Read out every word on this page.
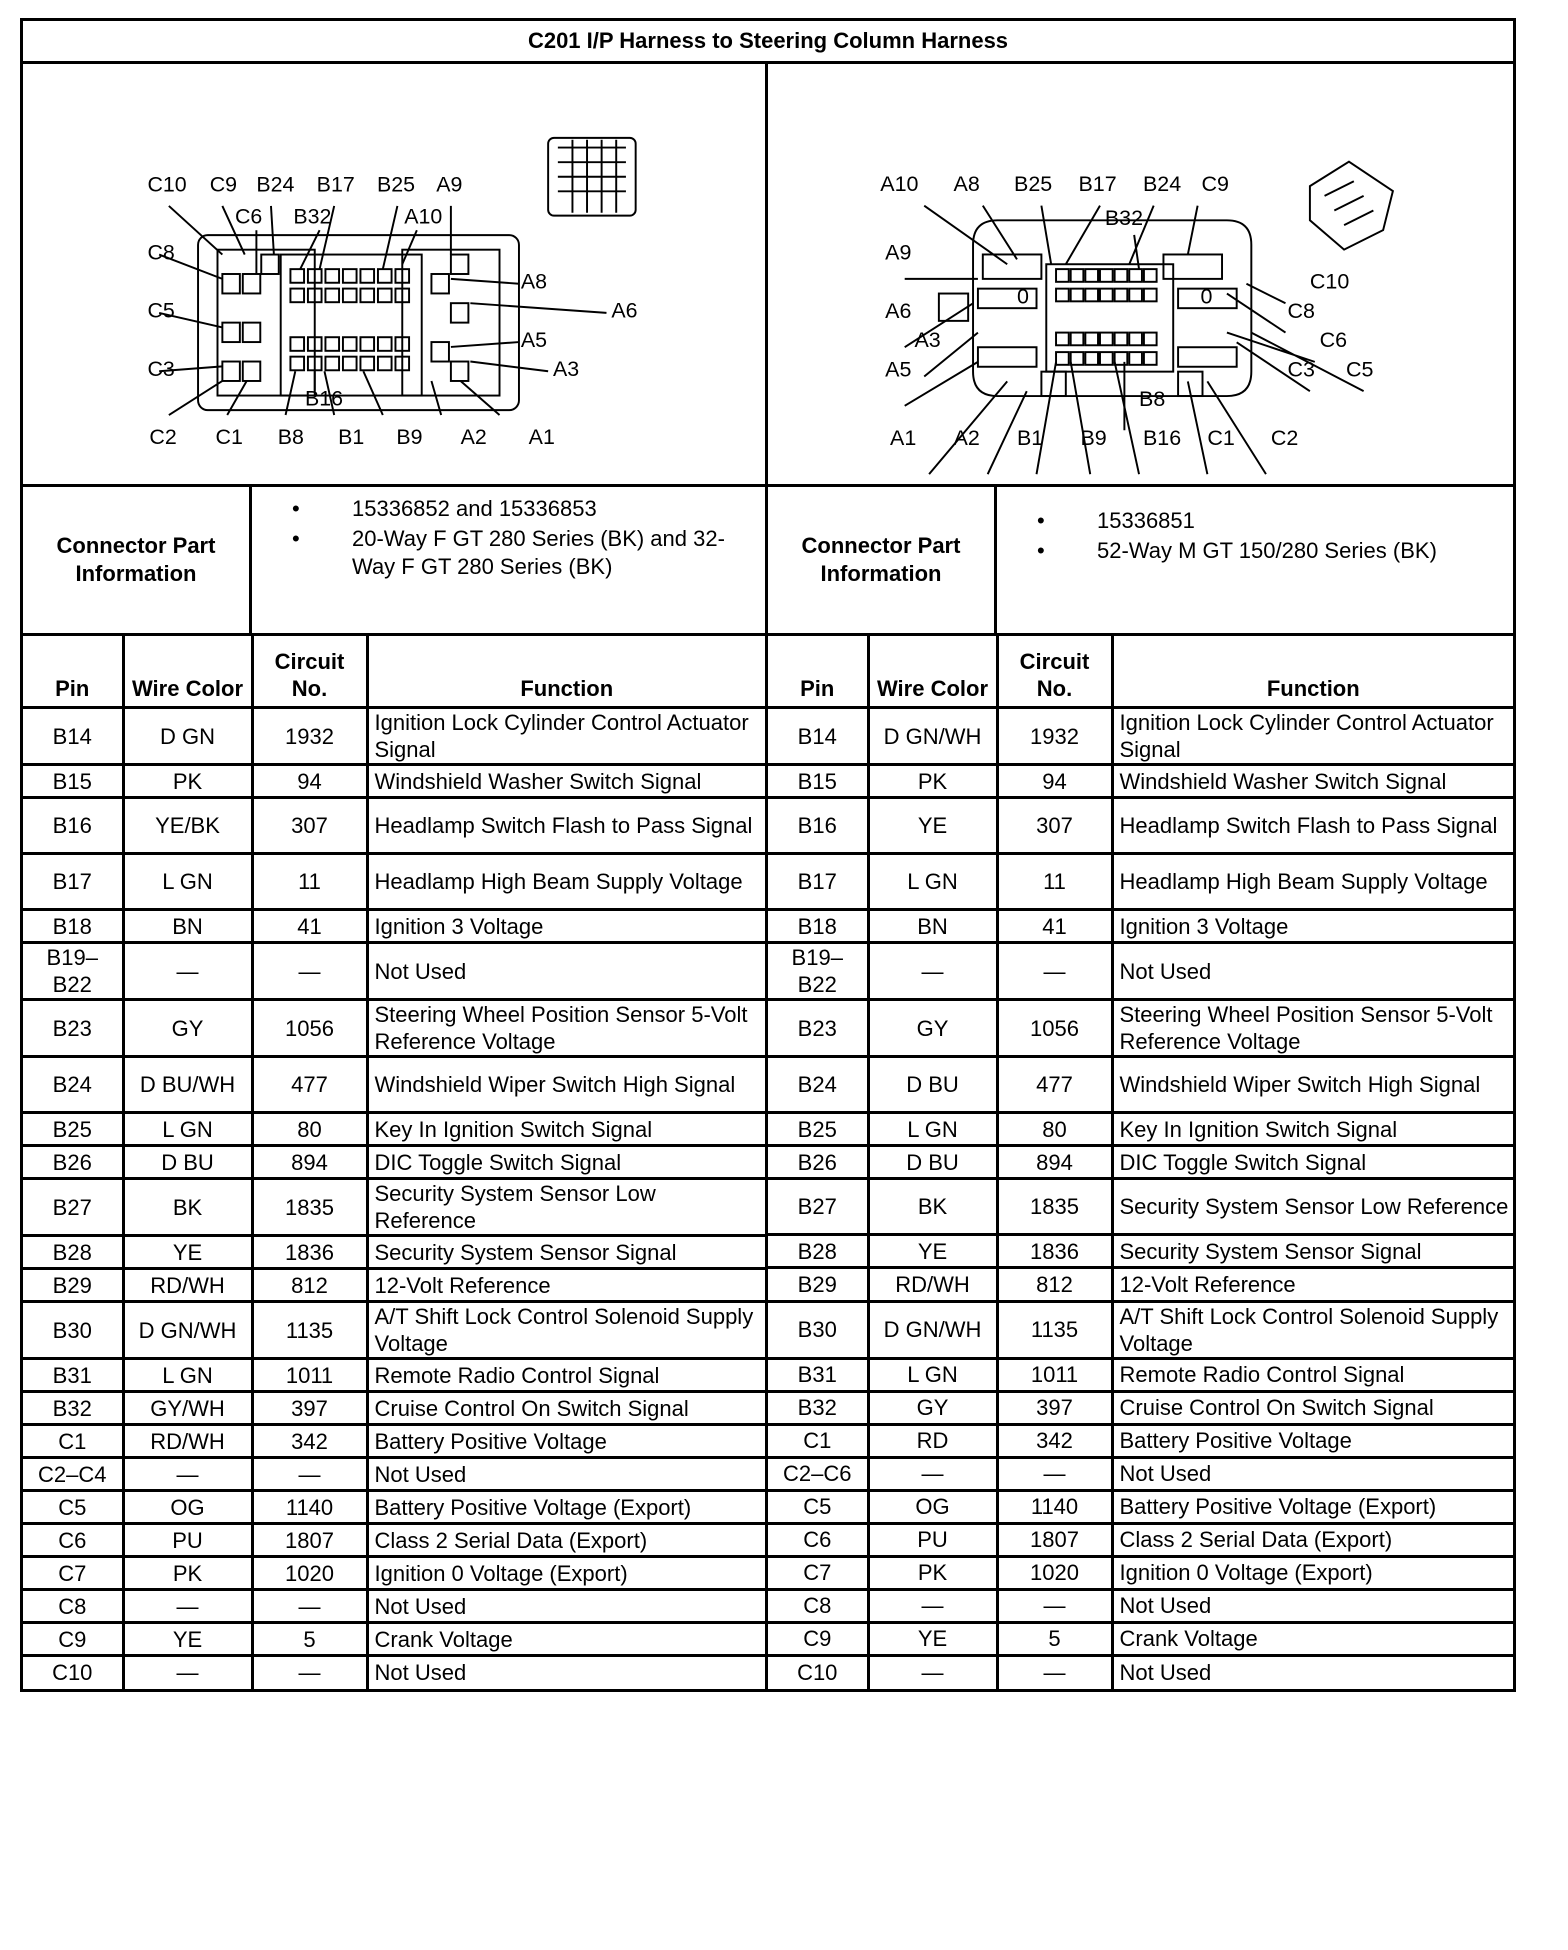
C201 I/P Harness to Steering Column Harness
C10 C9 B24 B17 B25 A9
C6 B32	A10
C8
C5
C3
A8
A6
A5
A3
B16
C2 C1 B8 B1 B9 A2 A1
0	0
A10 A8 B25 B17 B24 C9
B32
A9
A6
A3
A5
C10
C8
C6
C3 C5
B8
A1 A2 B1 B9 B16 C1 C2
Connector Part Information
• 15336852 and 15336853
• 20-Way F GT 280 Series (BK) and 32-Way F GT 280 Series (BK)
Connector Part Information
• 15336851
• 52-Way M GT 150/280 Series (BK)
Pin	Wire Color	Circuit No.	Function
B14	D GN	1932	Ignition Lock Cylinder Control Actuator Signal
B15	PK	94	Windshield Washer Switch Signal
B16	YE/BK	307	Headlamp Switch Flash to Pass Signal
B17	L GN	11	Headlamp High Beam Supply Voltage
B18	BN	41	Ignition 3 Voltage
B19–B22	—	—	Not Used
B23	GY	1056	Steering Wheel Position Sensor 5-Volt Reference Voltage
B24	D BU/WH	477	Windshield Wiper Switch High Signal
B25	L GN	80	Key In Ignition Switch Signal
B26	D BU	894	DIC Toggle Switch Signal
B27	BK	1835	Security System Sensor Low Reference
B28	YE	1836	Security System Sensor Signal
B29	RD/WH	812	12-Volt Reference
B30	D GN/WH	1135	A/T Shift Lock Control Solenoid Supply Voltage
B31	L GN	1011	Remote Radio Control Signal
B32	GY/WH	397	Cruise Control On Switch Signal
C1	RD/WH	342	Battery Positive Voltage
C2–C4	—	—	Not Used
C5	OG	1140	Battery Positive Voltage (Export)
C6	PU	1807	Class 2 Serial Data (Export)
C7	PK	1020	Ignition 0 Voltage (Export)
C8	—	—	Not Used
C9	YE	5	Crank Voltage
C10	—	—	Not Used
Pin	Wire Color	Circuit No.	Function
B14	D GN/WH	1932	Ignition Lock Cylinder Control Actuator Signal
B15	PK	94	Windshield Washer Switch Signal
B16	YE	307	Headlamp Switch Flash to Pass Signal
B17	L GN	11	Headlamp High Beam Supply Voltage
B18	BN	41	Ignition 3 Voltage
B19–B22	—	—	Not Used
B23	GY	1056	Steering Wheel Position Sensor 5-Volt Reference Voltage
B24	D BU	477	Windshield Wiper Switch High Signal
B25	L GN	80	Key In Ignition Switch Signal
B26	D BU	894	DIC Toggle Switch Signal
B27	BK	1835	Security System Sensor Low Reference
B28	YE	1836	Security System Sensor Signal
B29	RD/WH	812	12-Volt Reference
B30	D GN/WH	1135	A/T Shift Lock Control Solenoid Supply Voltage
B31	L GN	1011	Remote Radio Control Signal
B32	GY	397	Cruise Control On Switch Signal
C1	RD	342	Battery Positive Voltage
C2–C6	—	—	Not Used
C5	OG	1140	Battery Positive Voltage (Export)
C6	PU	1807	Class 2 Serial Data (Export)
C7	PK	1020	Ignition 0 Voltage (Export)
C8	—	—	Not Used
C9	YE	5	Crank Voltage
C10	—	—	Not Used
